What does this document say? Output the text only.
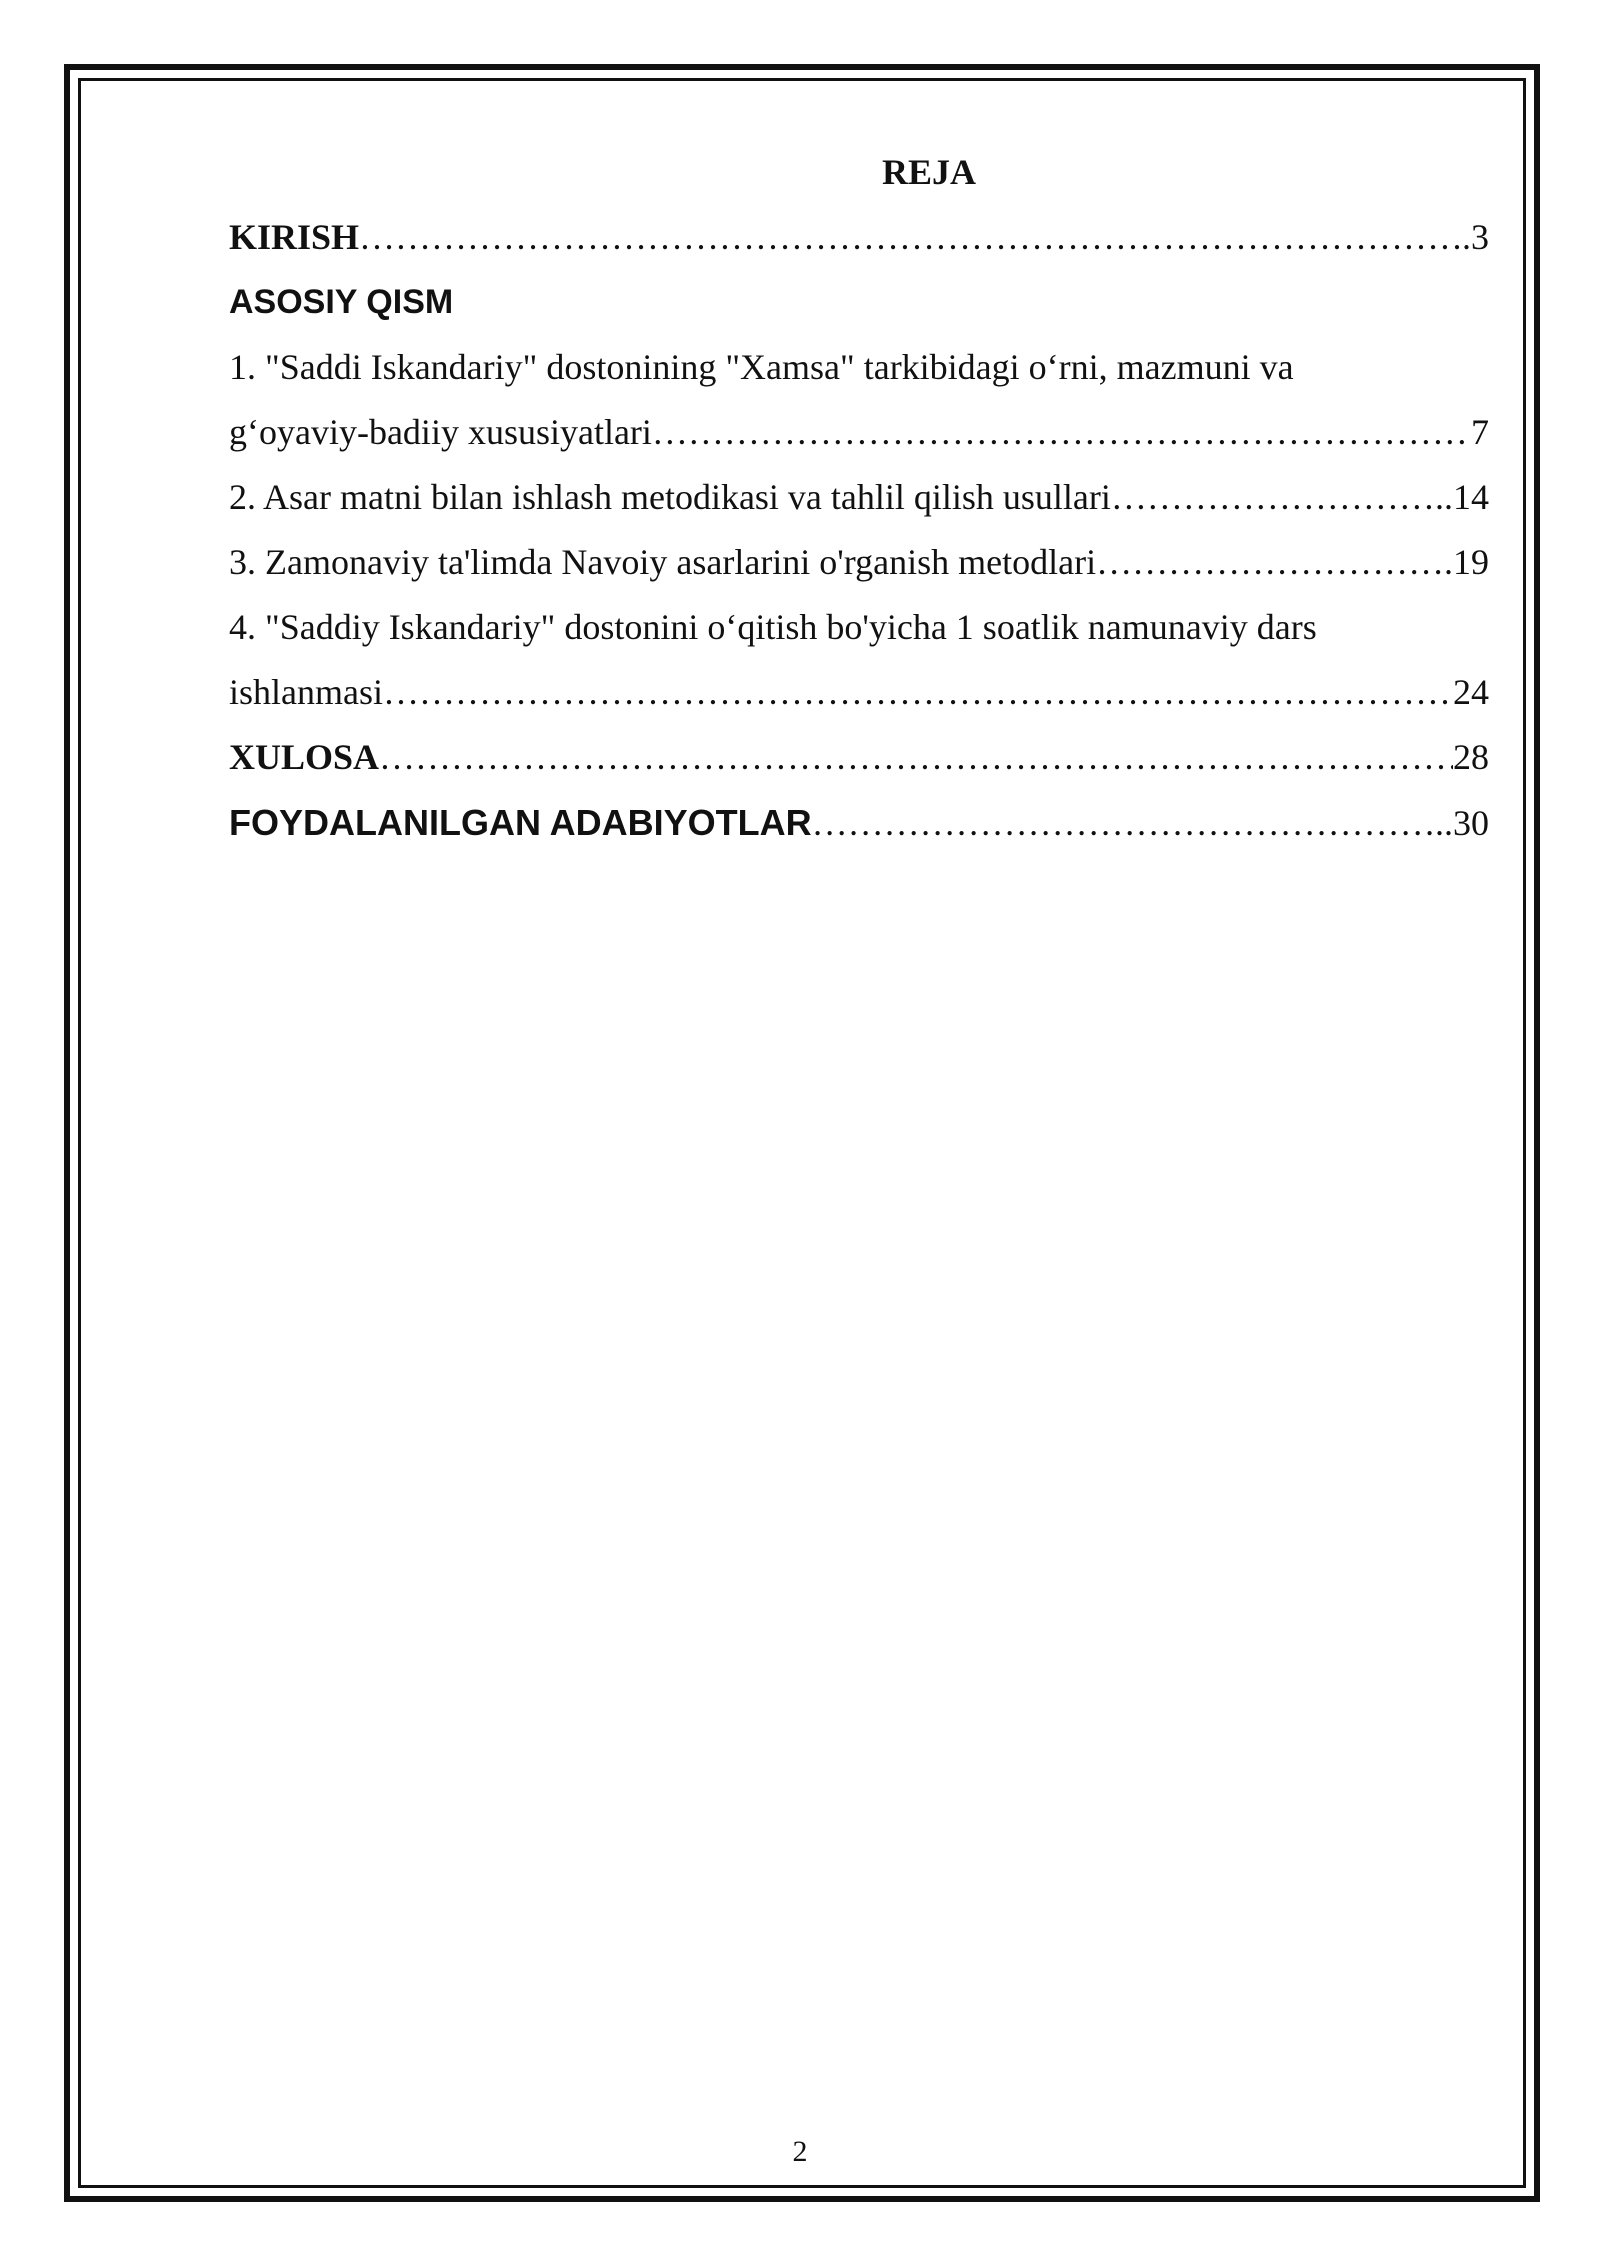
REJA
KIRISH ………………………………………………………………………………………………………………………………………………………………………………	. 3
ASOSIY QISM
1. "Saddi Iskandariy" dostonining "Xamsa" tarkibidagi o‘rni, mazmuni va
g‘oyaviy-badiiy xususiyatlari ………………………………………………………………………………………………………………………………………………………………………………	7
2. Asar matni bilan ishlash metodikasi va tahlil qilish usullari ………………………………………………………………………………………………………………………………………………………………………………	.. 14
3. Zamonaviy ta'limda Navoiy asarlarini o'rganish metodlari ………………………………………………………………………………………………………………………………………………………………………………	. 19
4. "Saddiy Iskandariy" dostonini o‘qitish bo'yicha 1 soatlik namunaviy dars
ishlanmasi ………………………………………………………………………………………………………………………………………………………………………………	24
XULOSA ………………………………………………………………………………………………………………………………………………………………………………	28
FOYDALANILGAN ADABIYOTLAR ………………………………………………………………………………………………………………………………………………………………………………	.. 30
2
